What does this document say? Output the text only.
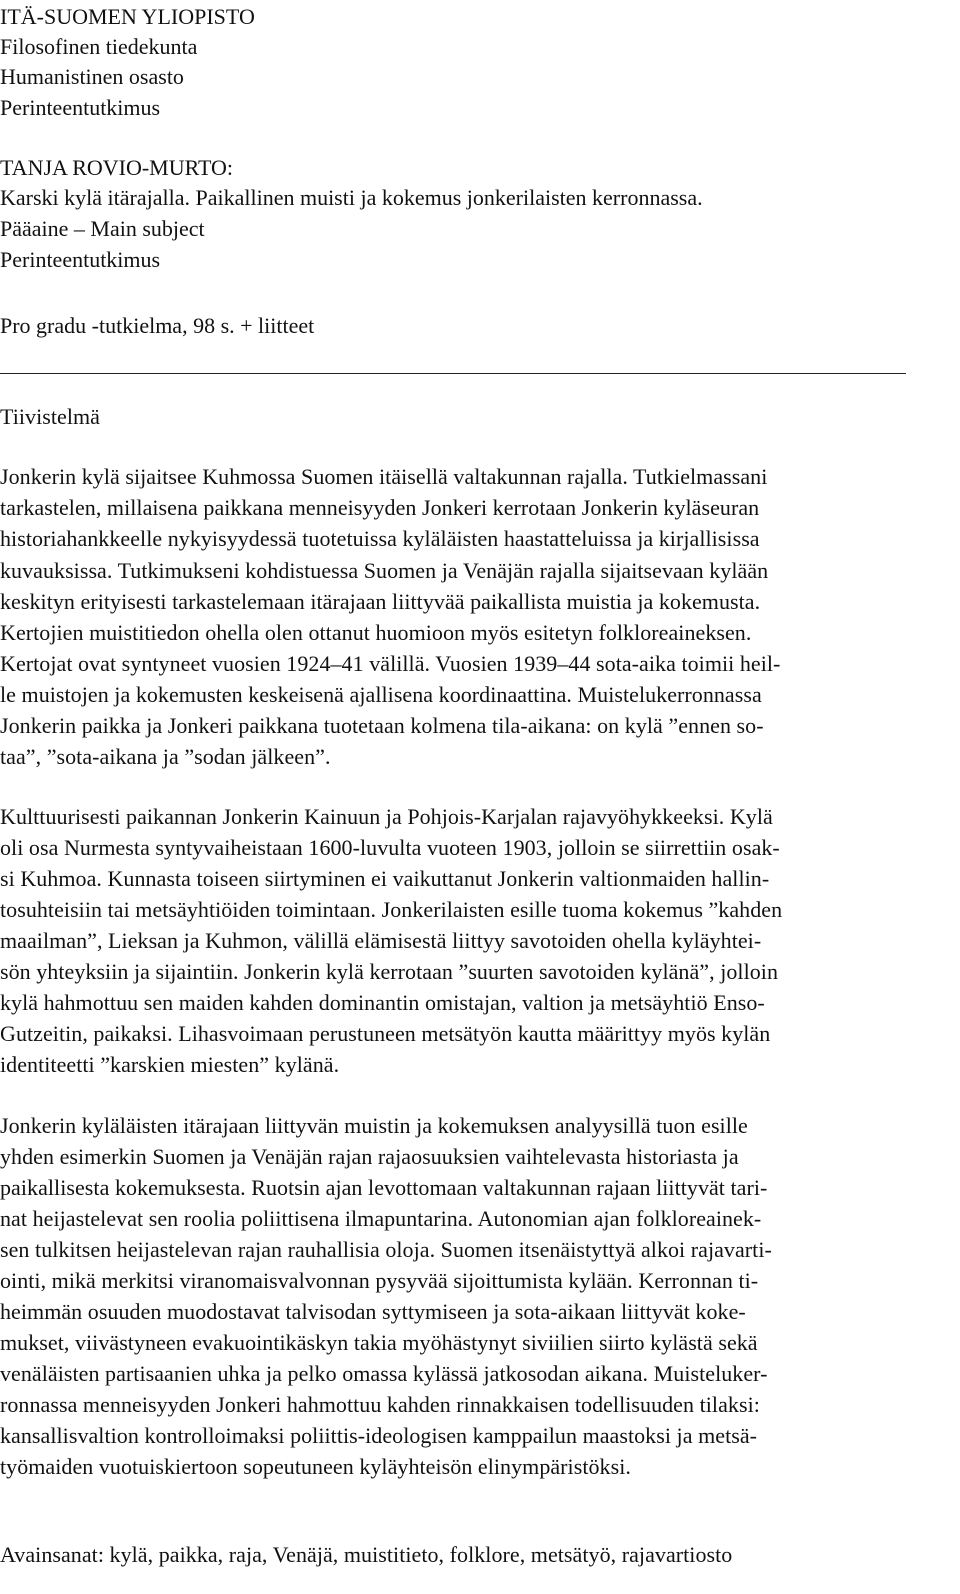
ITÄ-SUOMEN YLIOPISTO
Filosofinen tiedekunta
Humanistinen osasto
Perinteentutkimus
TANJA ROVIO-MURTO:
Karski kylä itärajalla. Paikallinen muisti ja kokemus jonkerilaisten kerronnassa.
Pääaine – Main subject
Perinteentutkimus
Pro gradu -tutkielma, 98 s. + liitteet
Tiivistelmä
Jonkerin kylä sijaitsee Kuhmossa Suomen itäisellä valtakunnan rajalla. Tutkielmassani
tarkastelen, millaisena paikkana menneisyyden Jonkeri kerrotaan Jonkerin kyläseuran
historiahankkeelle nykyisyydessä tuotetuissa kyläläisten haastatteluissa ja kirjallisissa
kuvauksissa. Tutkimukseni kohdistuessa Suomen ja Venäjän rajalla sijaitsevaan kylään
keskityn erityisesti tarkastelemaan itärajaan liittyvää paikallista muistia ja kokemusta.
Kertojien muistitiedon ohella olen ottanut huomioon myös esitetyn folkloreaineksen.
Kertojat ovat syntyneet vuosien 1924–41 välillä. Vuosien 1939–44 sota-aika toimii heil-
le muistojen ja kokemusten keskeisenä ajallisena koordinaattina. Muistelukerronnassa
Jonkerin paikka ja Jonkeri paikkana tuotetaan kolmena tila-aikana: on kylä ”ennen so-
taa”, ”sota-aikana ja ”sodan jälkeen”.
Kulttuurisesti paikannan Jonkerin Kainuun ja Pohjois-Karjalan rajavyöhykkeeksi. Kylä
oli osa Nurmesta syntyvaiheistaan 1600-luvulta vuoteen 1903, jolloin se siirrettiin osak-
si Kuhmoa. Kunnasta toiseen siirtyminen ei vaikuttanut Jonkerin valtionmaiden hallin-
tosuhteisiin tai metsäyhtiöiden toimintaan. Jonkerilaisten esille tuoma kokemus ”kahden
maailman”, Lieksan ja Kuhmon, välillä elämisestä liittyy savotoiden ohella kyläyhtei-
sön yhteyksiin ja sijaintiin. Jonkerin kylä kerrotaan ”suurten savotoiden kylänä”, jolloin
kylä hahmottuu sen maiden kahden dominantin omistajan, valtion ja metsäyhtiö Enso-
Gutzeitin, paikaksi. Lihasvoimaan perustuneen metsätyön kautta määrittyy myös kylän
identiteetti ”karskien miesten” kylänä.
Jonkerin kyläläisten itärajaan liittyvän muistin ja kokemuksen analyysillä tuon esille
yhden esimerkin Suomen ja Venäjän rajan rajaosuuksien vaihtelevasta historiasta ja
paikallisesta kokemuksesta. Ruotsin ajan levottomaan valtakunnan rajaan liittyvät tari-
nat heijastelevat sen roolia poliittisena ilmapuntarina. Autonomian ajan folkloreainek-
sen tulkitsen heijastelevan rajan rauhallisia oloja. Suomen itsenäistyttyä alkoi rajavarti-
ointi, mikä merkitsi viranomaisvalvonnan pysyvää sijoittumista kylään. Kerronnan ti-
heimmän osuuden muodostavat talvisodan syttymiseen ja sota-aikaan liittyvät koke-
mukset, viivästyneen evakuointikäskyn takia myöhästynyt siviilien siirto kylästä sekä
venäläisten partisaanien uhka ja pelko omassa kylässä jatkosodan aikana. Muisteluker-
ronnassa menneisyyden Jonkeri hahmottuu kahden rinnakkaisen todellisuuden tilaksi:
kansallisvaltion kontrolloimaksi poliittis-ideologisen kamppailun maastoksi ja metsä-
työmaiden vuotuiskiertoon sopeutuneen kyläyhteisön elinympäristöksi.
Avainsanat: kylä, paikka, raja, Venäjä, muistitieto, folklore, metsätyö, rajavartiosto
